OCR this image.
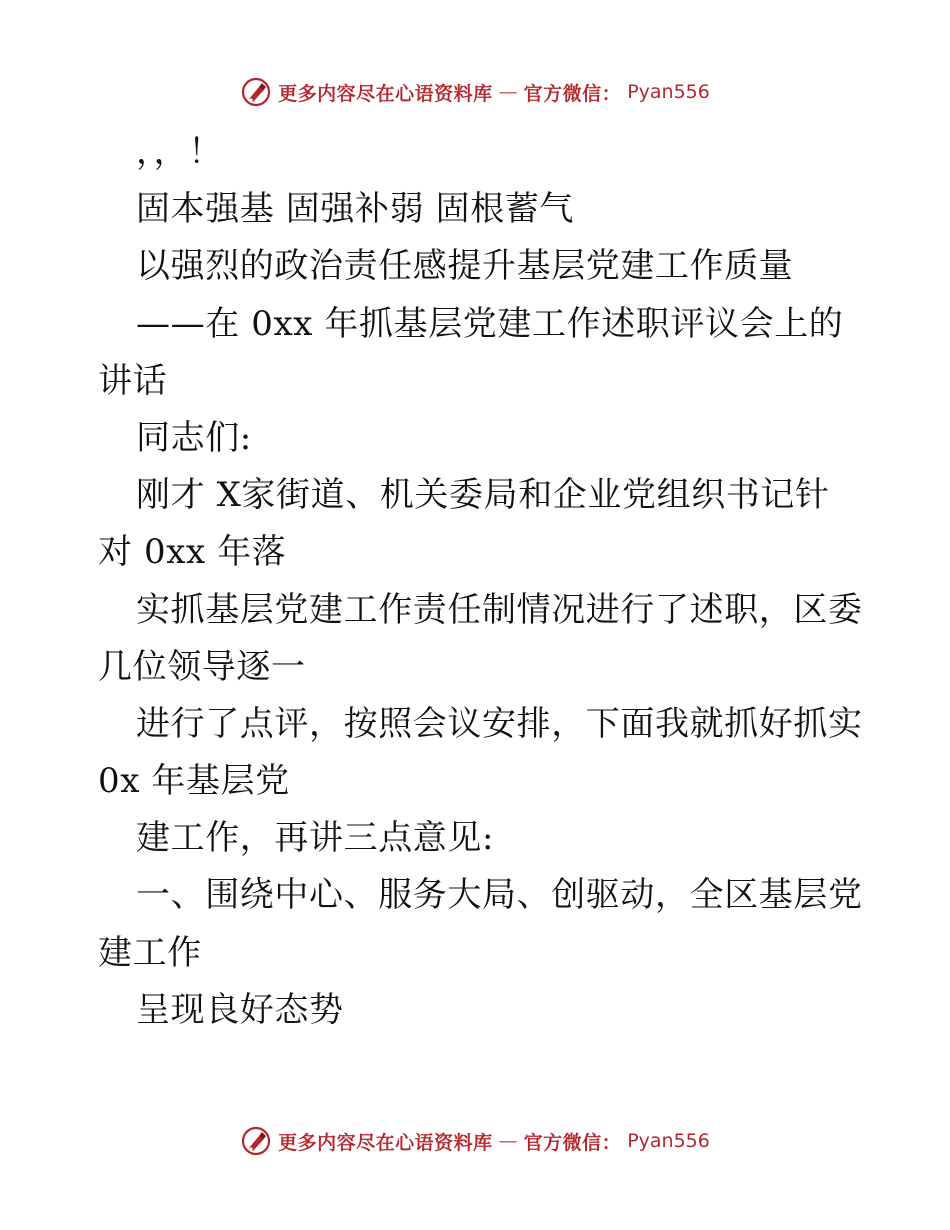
更多内容尽在心语资料库 — 官方微信： Pyan556
，，！
固本强基 固强补弱 固根蓄气
以强烈的政治责任感提升基层党建工作质量
——在 0xx 年抓基层党建工作述职评议会上的
讲话
同志们:
刚才 X家街道、机关委局和企业党组织书记针
对 0xx 年落
实抓基层党建工作责任制情况进行了述职，区委
几位领导逐一
进行了点评，按照会议安排，下面我就抓好抓实
0x 年基层党
建工作，再讲三点意见:
一、围绕中心、服务大局、创驱动，全区基层党
建工作
呈现良好态势
更多内容尽在心语资料库 — 官方微信： Pyan556
